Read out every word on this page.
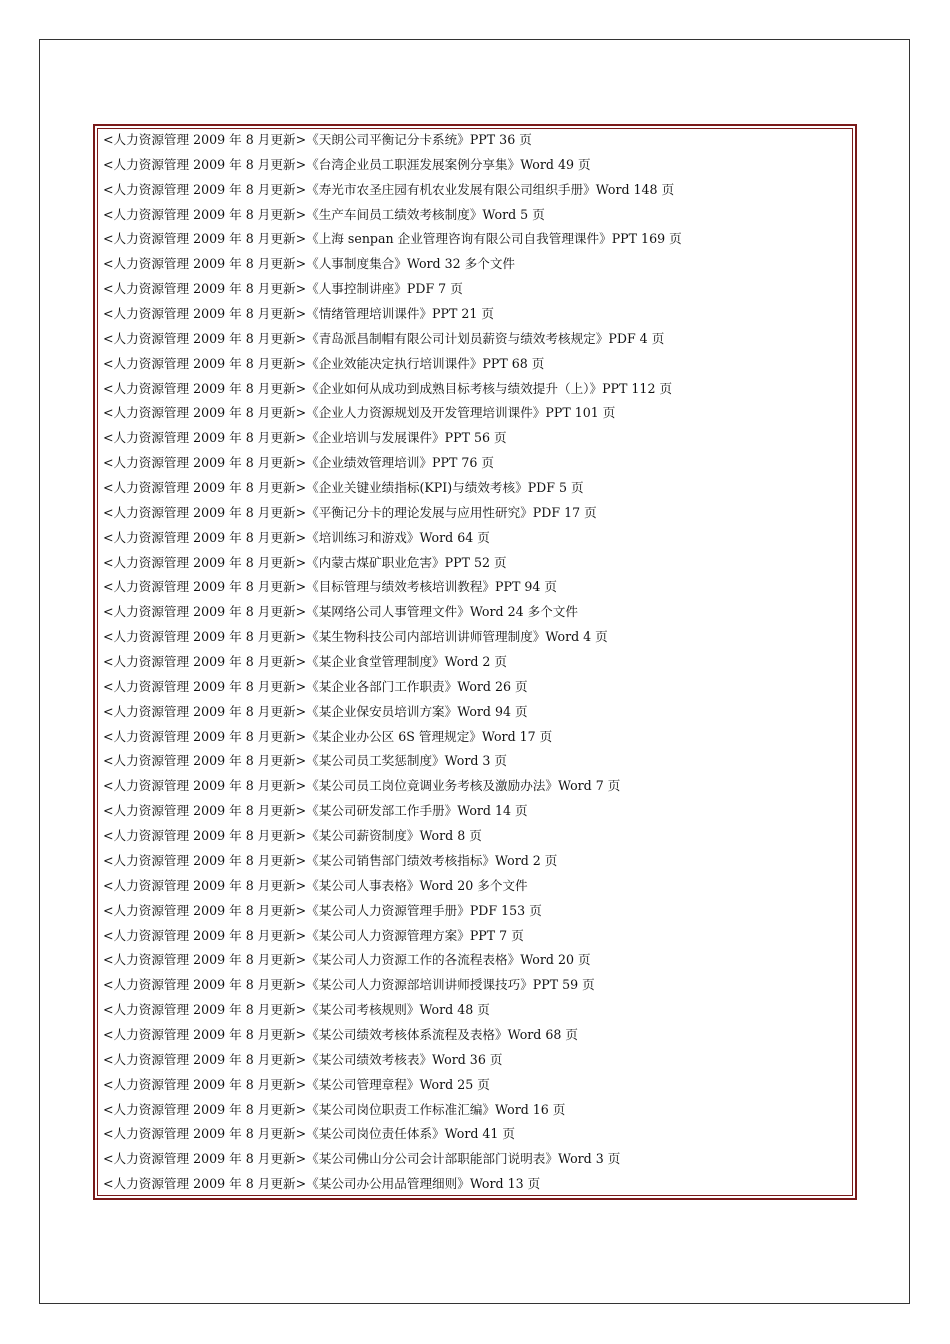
<人力资源管理 2009 年 8 月更新>《天朗公司平衡记分卡系统》PPT 36 页
<人力资源管理 2009 年 8 月更新>《台湾企业员工职涯发展案例分享集》Word 49 页
<人力资源管理 2009 年 8 月更新>《寿光市农圣庄园有机农业发展有限公司组织手册》Word 148 页
<人力资源管理 2009 年 8 月更新>《生产车间员工绩效考核制度》Word 5 页
<人力资源管理 2009 年 8 月更新>《上海 senpan 企业管理咨询有限公司自我管理课件》PPT 169 页
<人力资源管理 2009 年 8 月更新>《人事制度集合》Word 32 多个文件
<人力资源管理 2009 年 8 月更新>《人事控制讲座》PDF 7 页
<人力资源管理 2009 年 8 月更新>《情绪管理培训课件》PPT 21 页
<人力资源管理 2009 年 8 月更新>《青岛派昌制帽有限公司计划员薪资与绩效考核规定》PDF 4 页
<人力资源管理 2009 年 8 月更新>《企业效能决定执行培训课件》PPT 68 页
<人力资源管理 2009 年 8 月更新>《企业如何从成功到成熟目标考核与绩效提升（上）》PPT 112 页
<人力资源管理 2009 年 8 月更新>《企业人力资源规划及开发管理培训课件》PPT 101 页
<人力资源管理 2009 年 8 月更新>《企业培训与发展课件》PPT 56 页
<人力资源管理 2009 年 8 月更新>《企业绩效管理培训》PPT 76 页
<人力资源管理 2009 年 8 月更新>《企业关键业绩指标(KPI)与绩效考核》PDF 5 页
<人力资源管理 2009 年 8 月更新>《平衡记分卡的理论发展与应用性研究》PDF 17 页
<人力资源管理 2009 年 8 月更新>《培训练习和游戏》Word 64 页
<人力资源管理 2009 年 8 月更新>《内蒙古煤矿职业危害》PPT 52 页
<人力资源管理 2009 年 8 月更新>《目标管理与绩效考核培训教程》PPT 94 页
<人力资源管理 2009 年 8 月更新>《某网络公司人事管理文件》Word 24 多个文件
<人力资源管理 2009 年 8 月更新>《某生物科技公司内部培训讲师管理制度》Word 4 页
<人力资源管理 2009 年 8 月更新>《某企业食堂管理制度》Word 2 页
<人力资源管理 2009 年 8 月更新>《某企业各部门工作职责》Word 26 页
<人力资源管理 2009 年 8 月更新>《某企业保安员培训方案》Word 94 页
<人力资源管理 2009 年 8 月更新>《某企业办公区 6S 管理规定》Word 17 页
<人力资源管理 2009 年 8 月更新>《某公司员工奖惩制度》Word 3 页
<人力资源管理 2009 年 8 月更新>《某公司员工岗位竟调业务考核及激励办法》Word 7 页
<人力资源管理 2009 年 8 月更新>《某公司研发部工作手册》Word 14 页
<人力资源管理 2009 年 8 月更新>《某公司薪资制度》Word 8 页
<人力资源管理 2009 年 8 月更新>《某公司销售部门绩效考核指标》Word 2 页
<人力资源管理 2009 年 8 月更新>《某公司人事表格》Word 20 多个文件
<人力资源管理 2009 年 8 月更新>《某公司人力资源管理手册》PDF 153 页
<人力资源管理 2009 年 8 月更新>《某公司人力资源管理方案》PPT 7 页
<人力资源管理 2009 年 8 月更新>《某公司人力资源工作的各流程表格》Word 20 页
<人力资源管理 2009 年 8 月更新>《某公司人力资源部培训讲师授课技巧》PPT 59 页
<人力资源管理 2009 年 8 月更新>《某公司考核规则》Word 48 页
<人力资源管理 2009 年 8 月更新>《某公司绩效考核体系流程及表格》Word 68 页
<人力资源管理 2009 年 8 月更新>《某公司绩效考核表》Word 36 页
<人力资源管理 2009 年 8 月更新>《某公司管理章程》Word 25 页
<人力资源管理 2009 年 8 月更新>《某公司岗位职责工作标准汇编》Word 16 页
<人力资源管理 2009 年 8 月更新>《某公司岗位责任体系》Word 41 页
<人力资源管理 2009 年 8 月更新>《某公司佛山分公司会计部职能部门说明表》Word 3 页
<人力资源管理 2009 年 8 月更新>《某公司办公用品管理细则》Word 13 页
